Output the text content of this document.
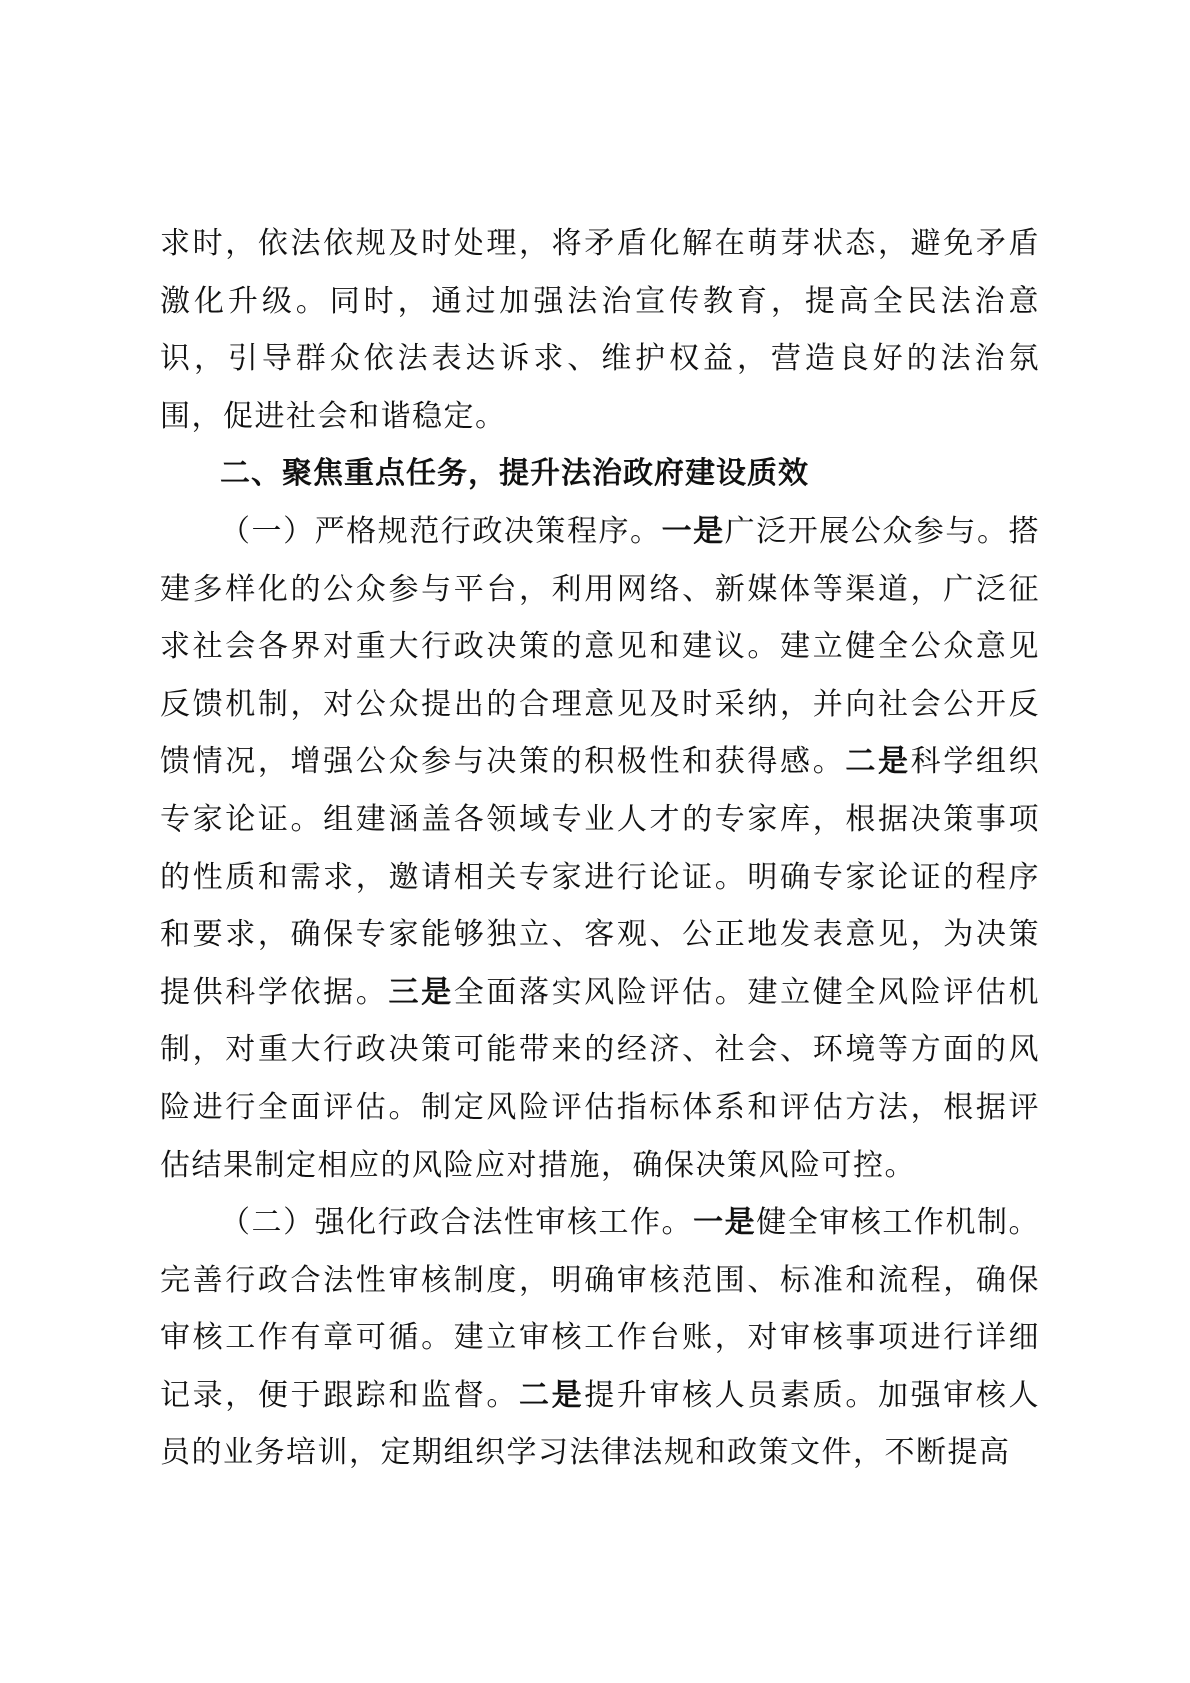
求时，依法依规及时处理，将矛盾化解在萌芽状态，避免矛盾激化升级。同时，通过加强法治宣传教育，提高全民法治意识，引导群众依法表达诉求、维护权益，营造良好的法治氛围，促进社会和谐稳定。

二、聚焦重点任务，提升法治政府建设质效

（一）严格规范行政决策程序。一是广泛开展公众参与。搭建多样化的公众参与平台，利用网络、新媒体等渠道，广泛征求社会各界对重大行政决策的意见和建议。建立健全公众意见反馈机制，对公众提出的合理意见及时采纳，并向社会公开反馈情况，增强公众参与决策的积极性和获得感。二是科学组织专家论证。组建涵盖各领域专业人才的专家库，根据决策事项的性质和需求，邀请相关专家进行论证。明确专家论证的程序和要求，确保专家能够独立、客观、公正地发表意见，为决策提供科学依据。三是全面落实风险评估。建立健全风险评估机制，对重大行政决策可能带来的经济、社会、环境等方面的风险进行全面评估。制定风险评估指标体系和评估方法，根据评估结果制定相应的风险应对措施，确保决策风险可控。

（二）强化行政合法性审核工作。一是健全审核工作机制。完善行政合法性审核制度，明确审核范围、标准和流程，确保审核工作有章可循。建立审核工作台账，对审核事项进行详细记录，便于跟踪和监督。二是提升审核人员素质。加强审核人员的业务培训，定期组织学习法律法规和政策文件，不断提高
